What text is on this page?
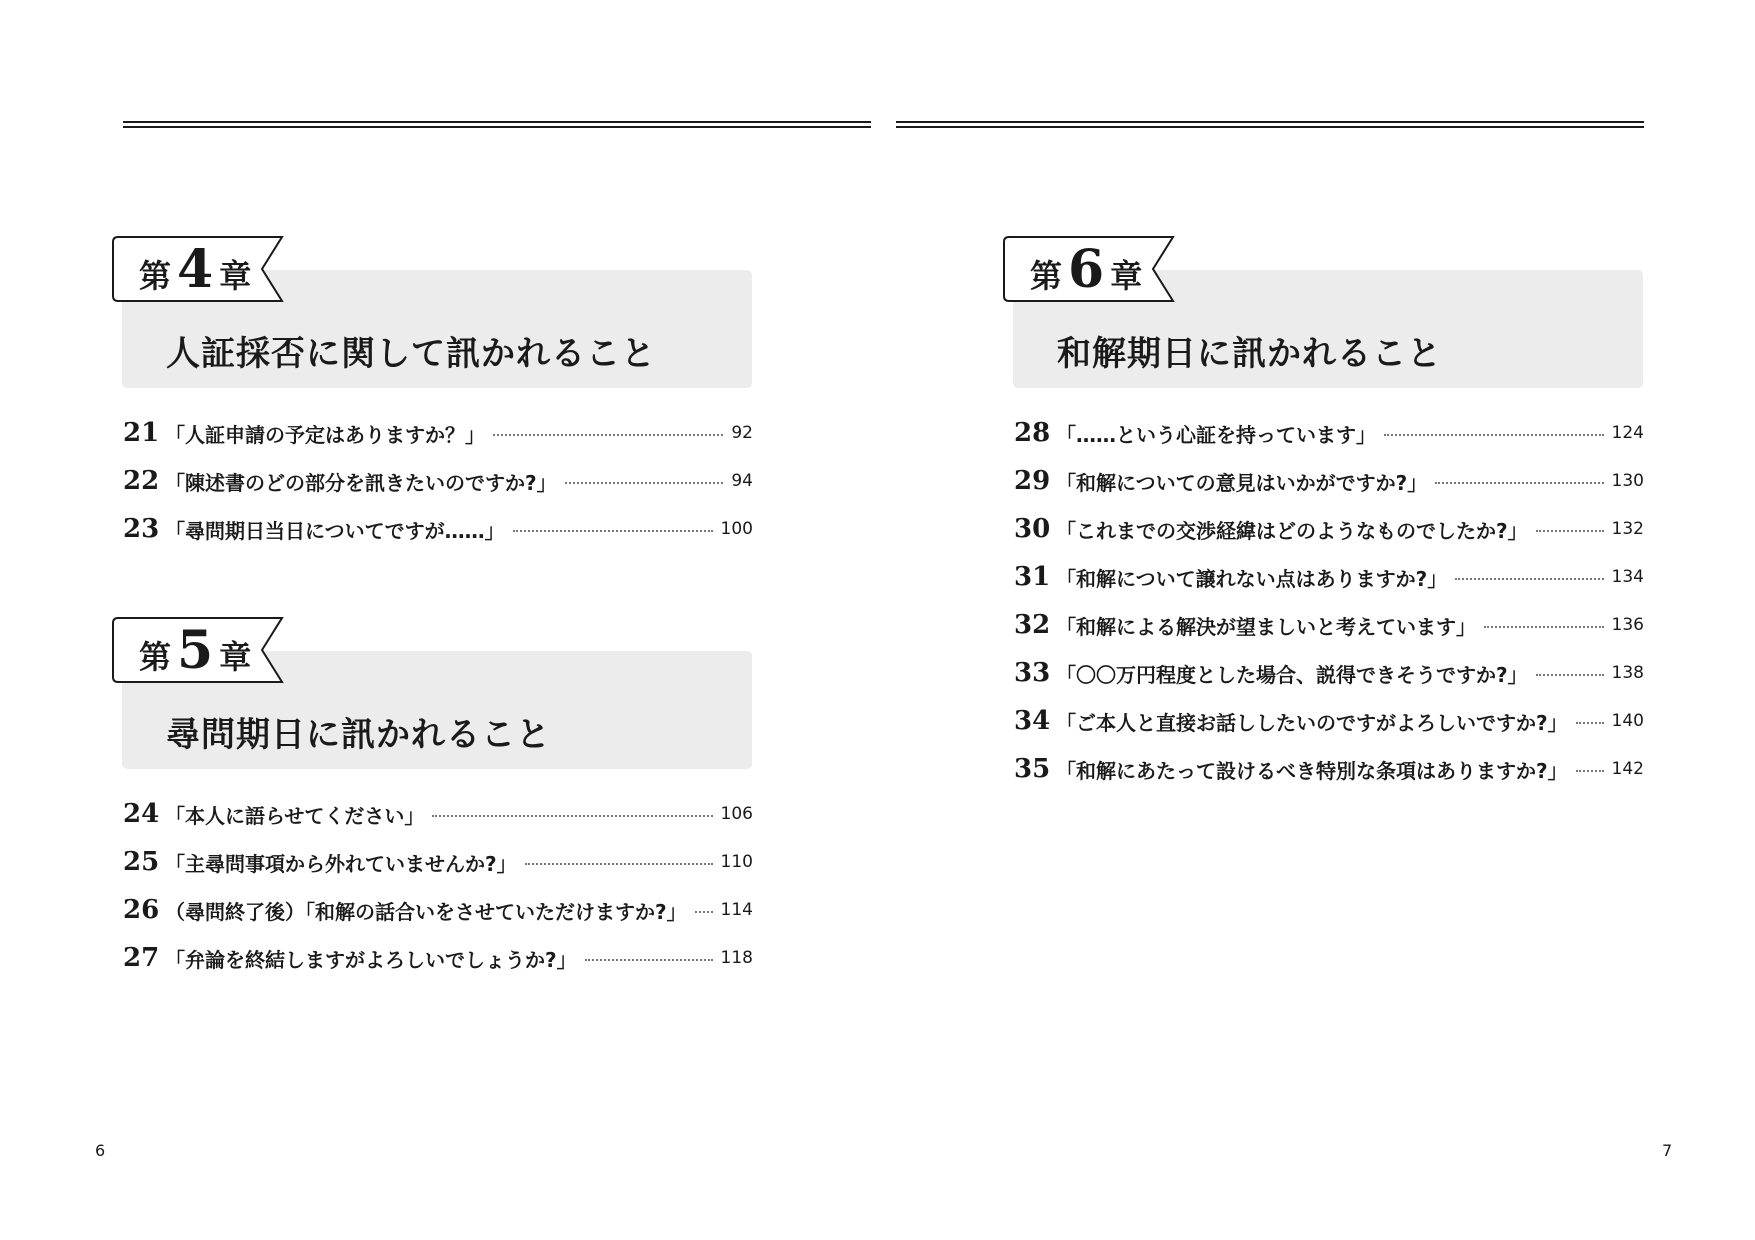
第 4 章
人証採否に関して訊かれること
21 「人証申請の予定はありますか？」	92
22 「陳述書のどの部分を訊きたいのですか?」	94
23 「尋問期日当日についてですが……」	100
第 5 章
尋問期日に訊かれること
24 「本人に語らせてください」	106
25 「主尋問事項から外れていませんか?」	110
26 （尋問終了後）「和解の話合いをさせていただけますか?」 114
27 「弁論を終結しますがよろしいでしょうか?」	118
第 6 章
和解期日に訊かれること
28 「……という心証を持っています」	124
29 「和解についての意見はいかがですか?」	130
30 「これまでの交渉経緯はどのようなものでしたか?」	132
31 「和解について譲れない点はありますか?」	134
32 「和解による解決が望ましいと考えています」	136
33 「〇〇万円程度とした場合、説得できそうですか?」	138
34 「ご本人と直接お話ししたいのですがよろしいですか?」	140
35 「和解にあたって設けるべき特別な条項はありますか?」	142
6	7
